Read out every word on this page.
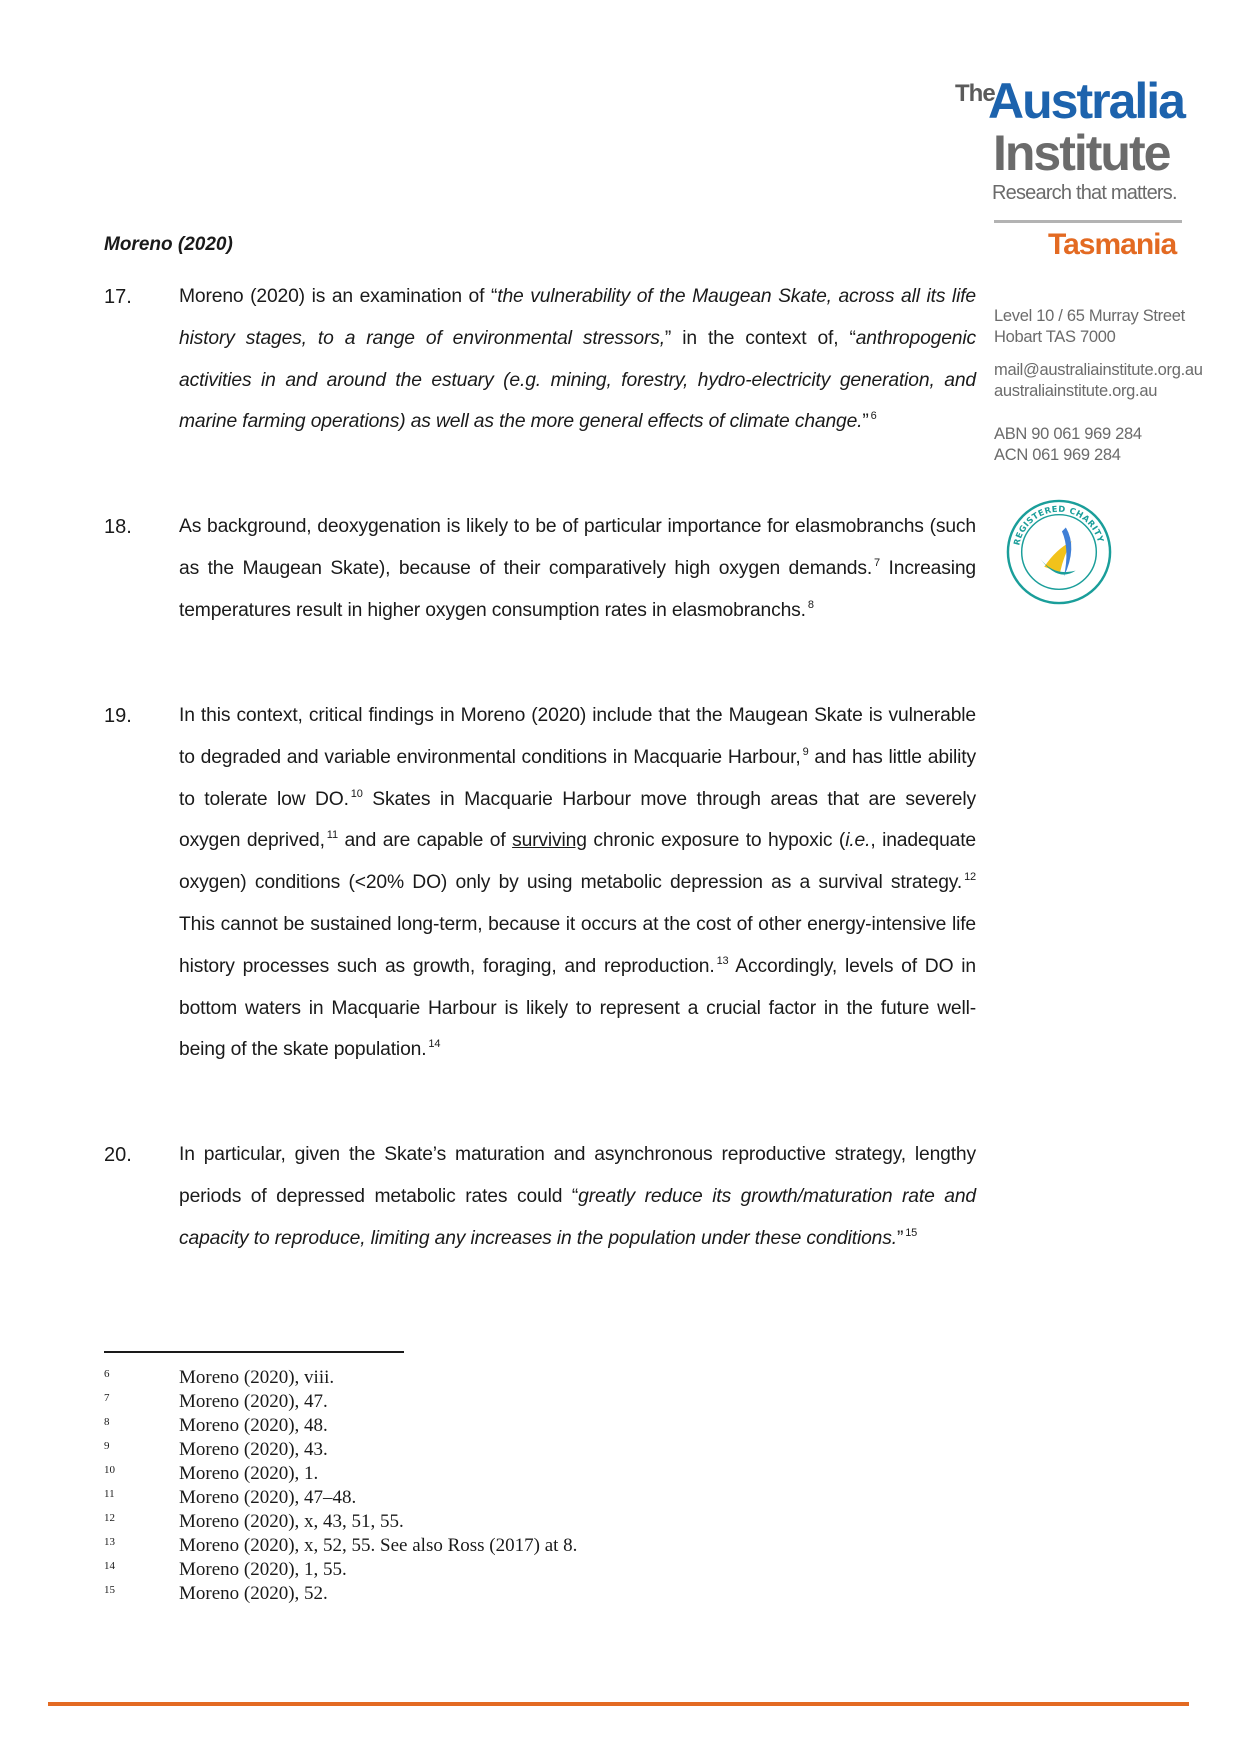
The
Australia
Institute
Research that matters.
Tasmania
Level 10 / 65 Murray Street
Hobart TAS 7000
mail@australiainstitute.org.au
australiainstitute.org.au
ABN 90 061 969 284
ACN 061 969 284
REGISTERED CHARITY
Moreno (2020)
17. Moreno (2020) is an examination of “the vulnerability of the Maugean Skate, across all its life history stages, to a range of environmental stressors,” in the context of, “anthropogenic activities in and around the estuary (e.g. mining, forestry, hydro-electricity generation, and marine farming operations) as well as the more general effects of climate change.” $^6$
18. As background, deoxygenation is likely to be of particular importance for elasmobranchs (such as the Maugean Skate), because of their comparatively high oxygen demands. $^7$ Increasing temperatures result in higher oxygen consumption rates in elasmobranchs. $^8$
19. In this context, critical findings in Moreno (2020) include that the Maugean Skate is vulnerable to degraded and variable environmental conditions in Macquarie Harbour, $^9$ and has little ability to tolerate low DO. $^{10}$ Skates in Macquarie Harbour move through areas that are severely oxygen deprived, $^{11}$ and are capable of surviving chronic exposure to hypoxic (i.e., inadequate oxygen) conditions (<20% DO) only by using metabolic depression as a survival strategy. $^{12}$ This cannot be sustained long-term, because it occurs at the cost of other energy-intensive life history processes such as growth, foraging, and reproduction. $^{13}$ Accordingly, levels of DO in bottom waters in Macquarie Harbour is likely to represent a crucial factor in the future well-being of the skate population. $^{14}$
20. In particular, given the Skate’s maturation and asynchronous reproductive strategy, lengthy periods of depressed metabolic rates could “greatly reduce its growth/maturation rate and capacity to reproduce, limiting any increases in the population under these conditions.” $^{15}$
6	Moreno (2020), viii.
7	Moreno (2020), 47.
8	Moreno (2020), 48.
9	Moreno (2020), 43.
10	Moreno (2020), 1.
11	Moreno (2020), 47–48.
12	Moreno (2020), x, 43, 51, 55.
13	Moreno (2020), x, 52, 55. See also Ross (2017) at 8.
14	Moreno (2020), 1, 55.
15	Moreno (2020), 52.
